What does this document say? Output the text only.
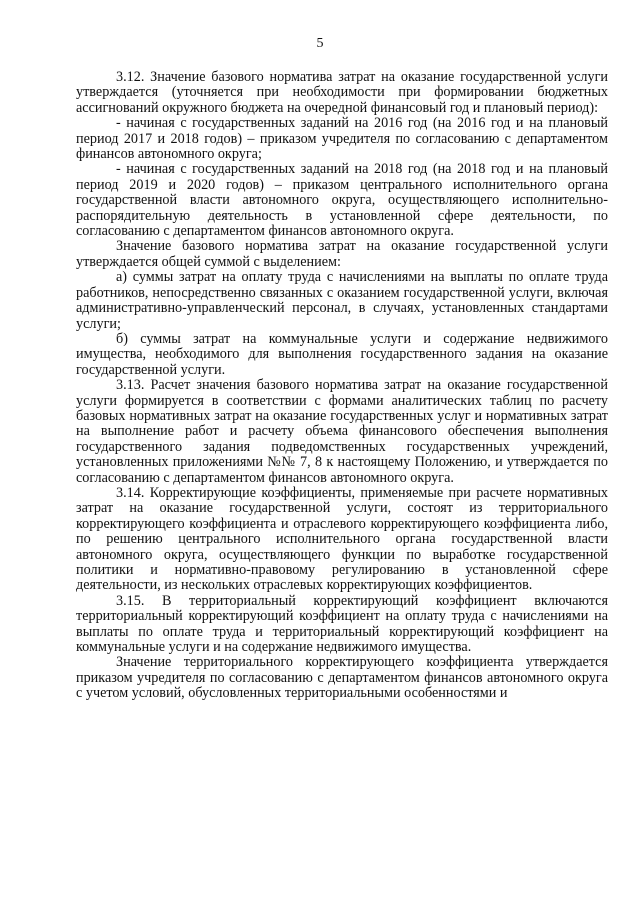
5

3.12. Значение базового норматива затрат на оказание государственной услуги утверждается (уточняется при необходимости при формировании бюджетных ассигнований окружного бюджета на очередной финансовый год и плановый период):

- начиная с государственных заданий на 2016 год (на 2016 год и на плановый период 2017 и 2018 годов) – приказом учредителя по согласованию с департаментом финансов автономного округа;

- начиная с государственных заданий на 2018 год (на 2018 год и на плановый период 2019 и 2020 годов) – приказом центрального исполнительного органа государственной власти автономного округа, осуществляющего исполнительно-распорядительную деятельность в установленной сфере деятельности, по согласованию с департаментом финансов автономного округа.

Значение базового норматива затрат на оказание государственной услуги утверждается общей суммой с выделением:

а) суммы затрат на оплату труда с начислениями на выплаты по оплате труда работников, непосредственно связанных с оказанием государственной услуги, включая административно-управленческий персонал, в случаях, установленных стандартами услуги;

б) суммы затрат на коммунальные услуги и содержание недвижимого имущества, необходимого для выполнения государственного задания на оказание государственной услуги.

3.13. Расчет значения базового норматива затрат на оказание государственной услуги формируется в соответствии с формами аналитических таблиц по расчету базовых нормативных затрат на оказание государственных услуг и нормативных затрат на выполнение работ и расчету объема финансового обеспечения выполнения государственного задания подведомственных государственных учреждений, установленных приложениями №№ 7, 8 к настоящему Положению, и утверждается по согласованию с департаментом финансов автономного округа.

3.14. Корректирующие коэффициенты, применяемые при расчете нормативных затрат на оказание государственной услуги, состоят из территориального корректирующего коэффициента и отраслевого корректирующего коэффициента либо, по решению центрального исполнительного органа государственной власти автономного округа, осуществляющего функции по выработке государственной политики и нормативно-правовому регулированию в установленной сфере деятельности, из нескольких отраслевых корректирующих коэффициентов.

3.15. В территориальный корректирующий коэффициент включаются территориальный корректирующий коэффициент на оплату труда с начислениями на выплаты по оплате труда и территориальный корректирующий коэффициент на коммунальные услуги и на содержание недвижимого имущества.

Значение территориального корректирующего коэффициента утверждается приказом учредителя по согласованию с департаментом финансов автономного округа с учетом условий, обусловленных территориальными особенностями и
